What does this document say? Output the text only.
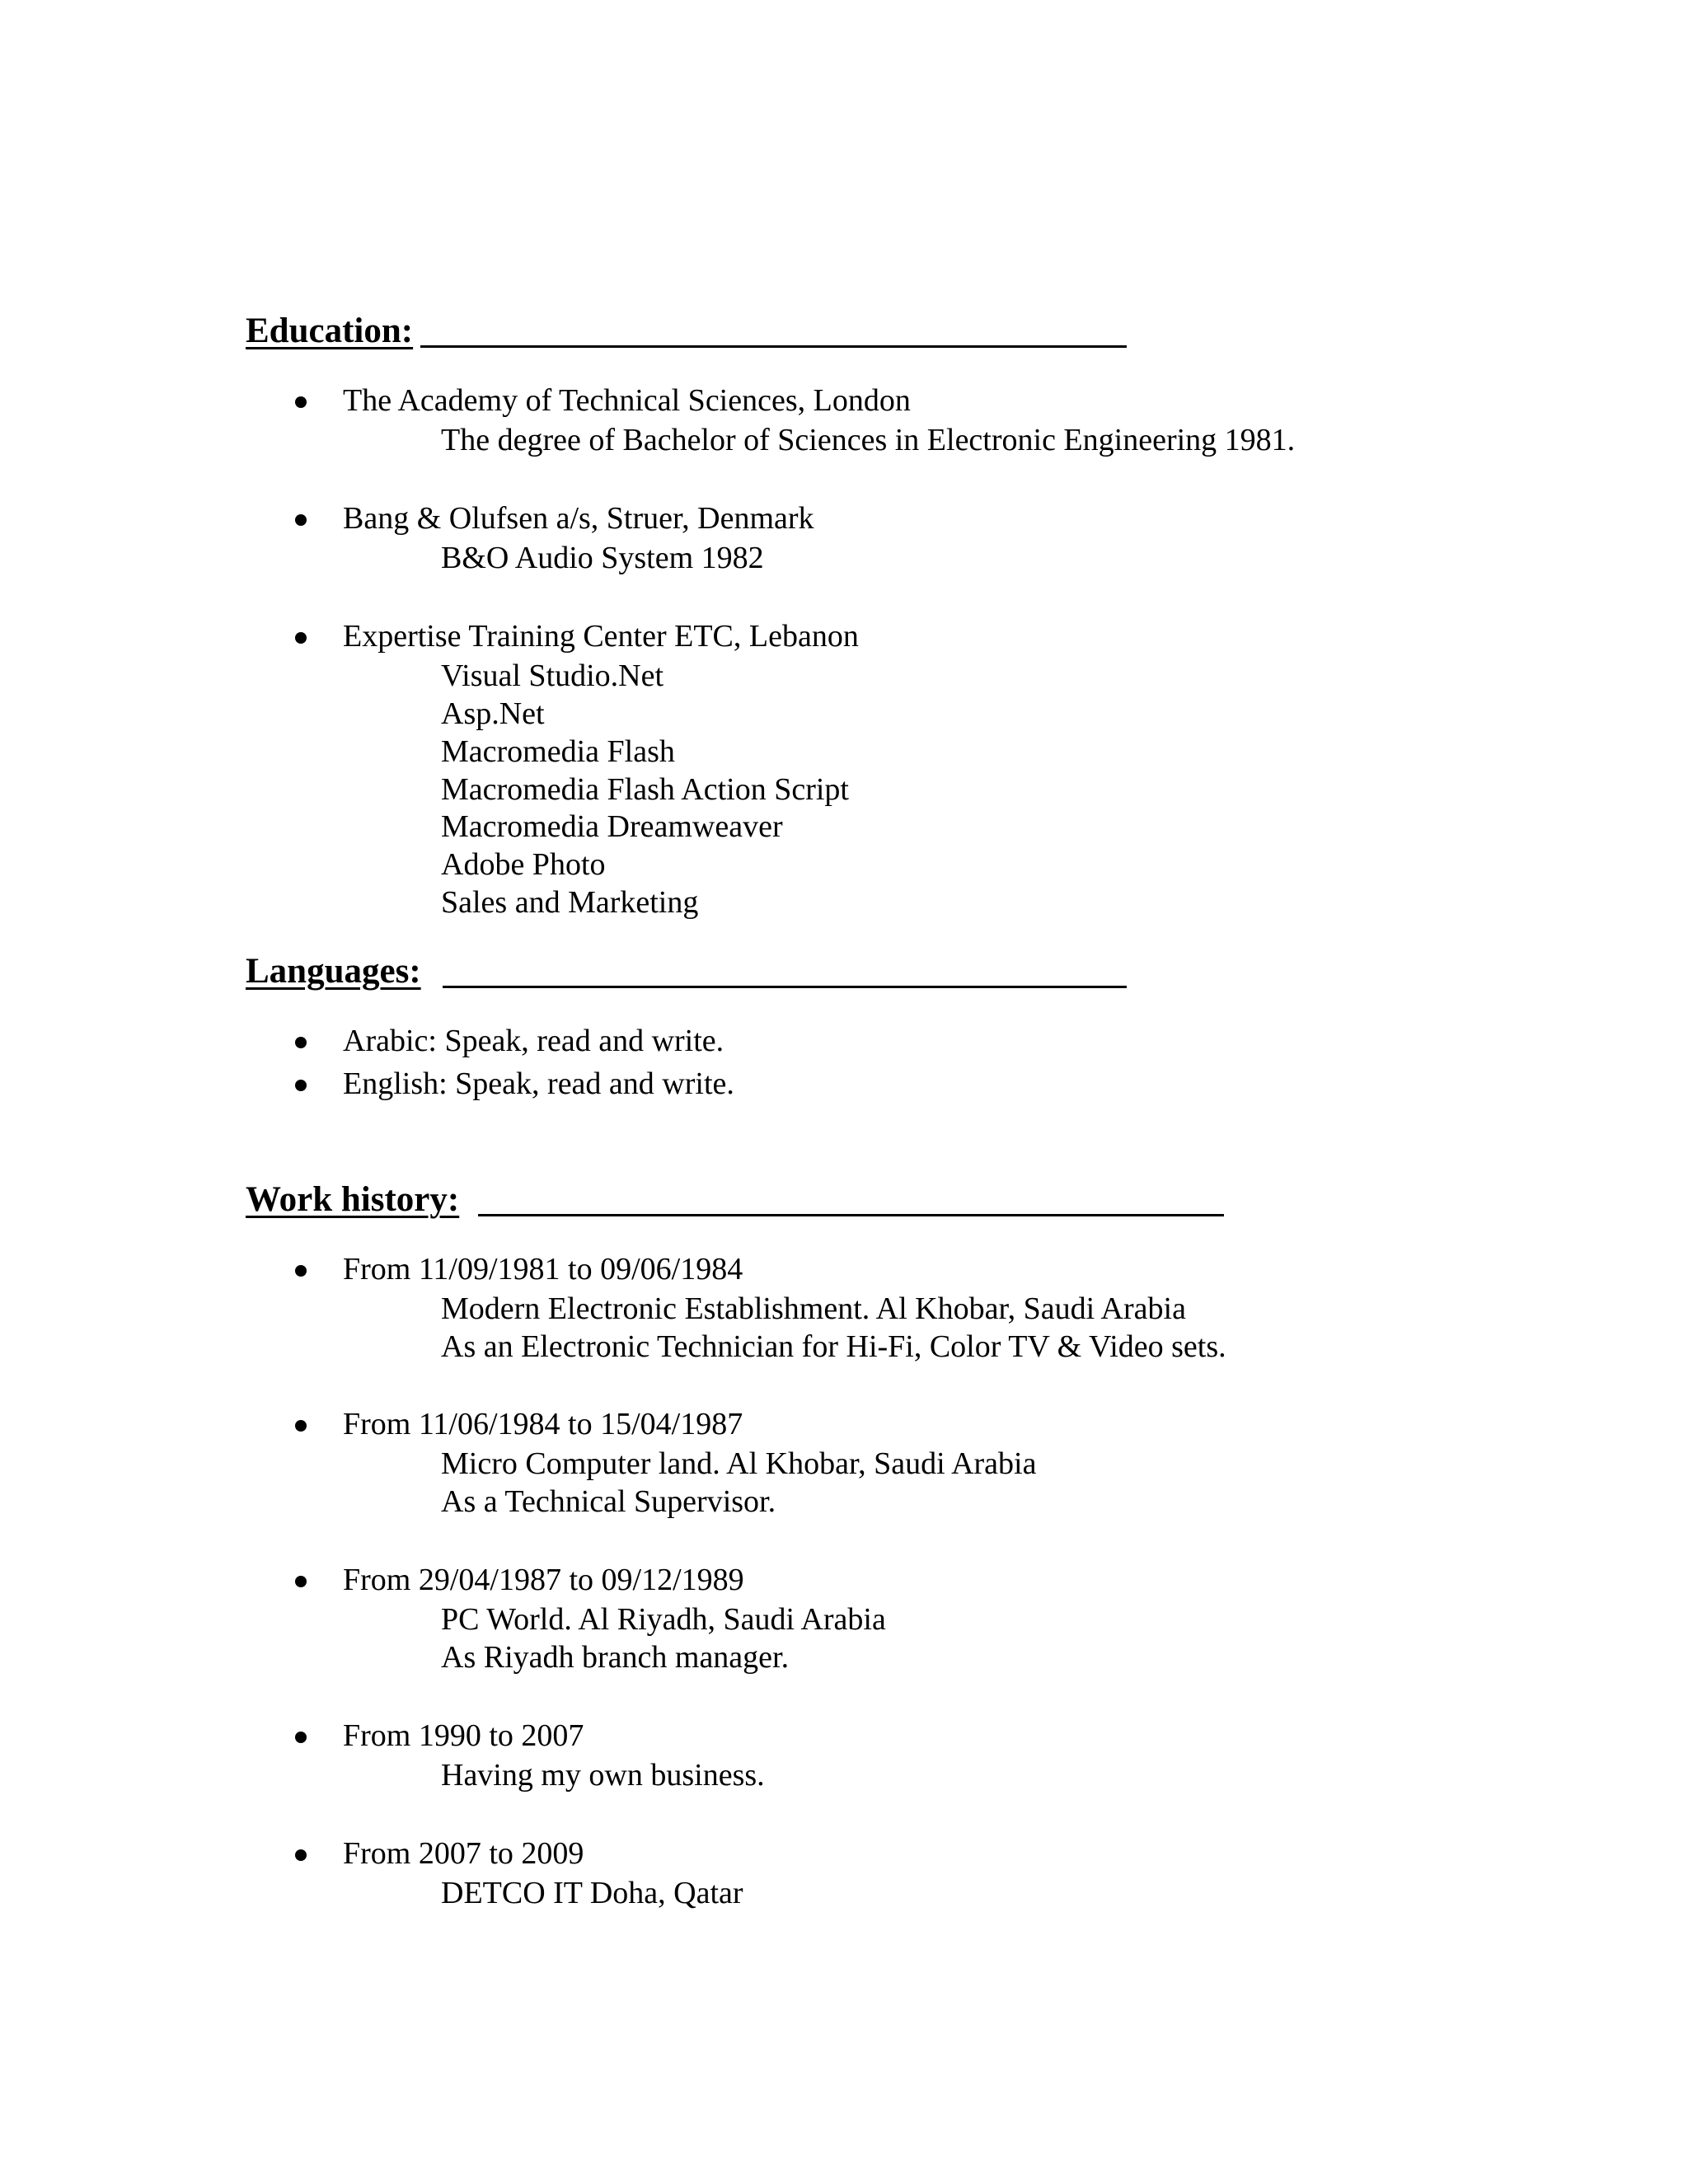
Education:
The Academy of Technical Sciences, London
The degree of Bachelor of Sciences in Electronic Engineering 1981.
Bang & Olufsen a/s, Struer, Denmark
B&O Audio System 1982
Expertise Training Center ETC, Lebanon
Visual Studio.Net
Asp.Net
Macromedia Flash
Macromedia Flash Action Script
Macromedia Dreamweaver
Adobe Photo
Sales and Marketing
Languages:
Arabic: Speak, read and write.
English: Speak, read and write.
Work history:
From 11/09/1981 to 09/06/1984
Modern Electronic Establishment. Al Khobar, Saudi Arabia
As an Electronic Technician for Hi-Fi, Color TV & Video sets.
From 11/06/1984 to 15/04/1987
Micro Computer land. Al Khobar, Saudi Arabia
As a Technical Supervisor.
From 29/04/1987 to 09/12/1989
PC World. Al Riyadh, Saudi Arabia
As Riyadh branch manager.
From 1990 to 2007
Having my own business.
From 2007 to 2009
DETCO IT Doha, Qatar
